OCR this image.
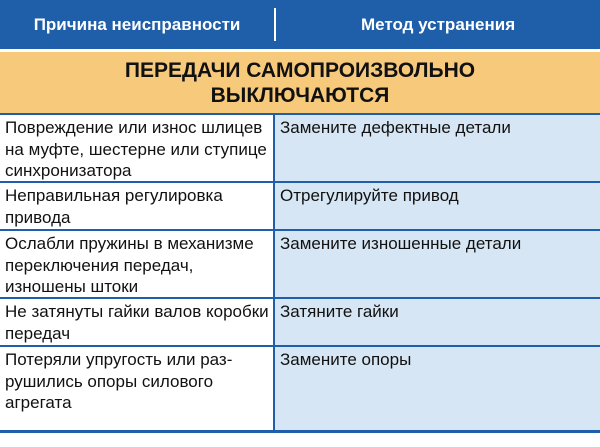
Причина неисправности	Метод устранения
ПЕРЕДАЧИ САМОПРОИЗВОЛЬНО ВЫКЛЮЧАЮТСЯ
Повреждение или износ шлицев на муфте, шестерне или ступице синхронизатора
Замените дефектные детали
Неправильная регулировка привода
Отрегулируйте привод
Ослабли пружины в механизме переключения передач, изношены штоки
Замените изношенные детали
Не затянуты гайки валов коробки передач
Затяните гайки
Потеряли упругость или разрушились опоры силового агрегата
Замените опоры
